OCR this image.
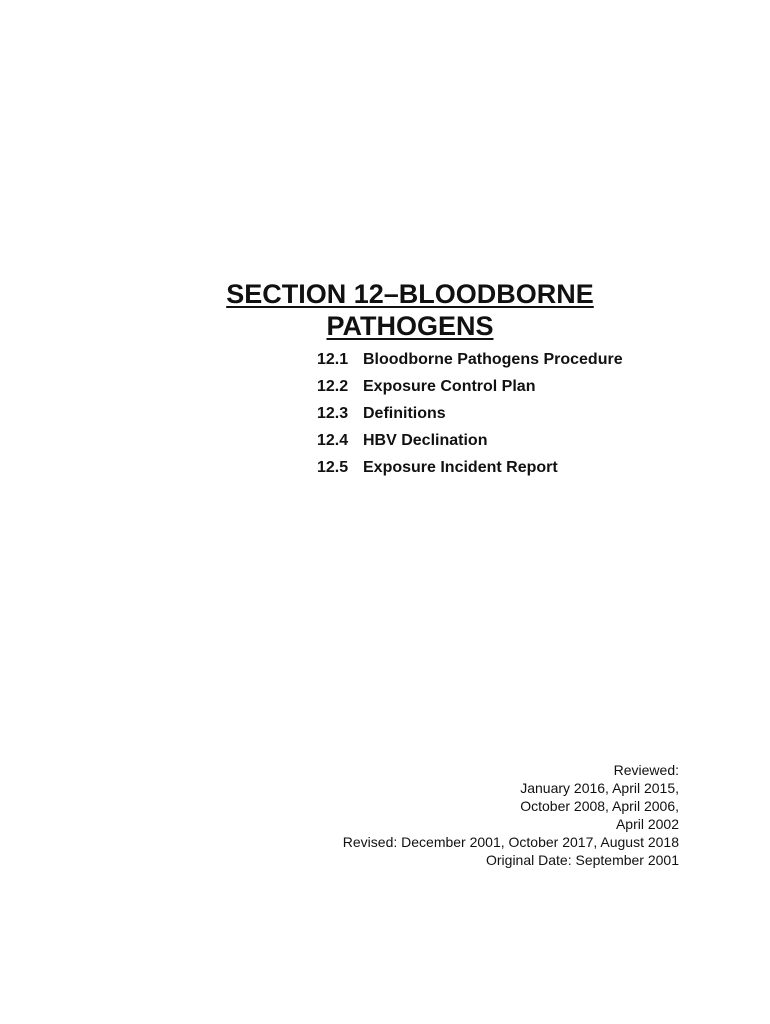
SECTION 12–BLOODBORNE
PATHOGENS
12.1 Bloodborne Pathogens Procedure
12.2 Exposure Control Plan
12.3 Definitions
12.4 HBV Declination
12.5 Exposure Incident Report
Reviewed:
January 2016, April 2015,
October 2008, April 2006,
April 2002
Revised: December 2001, October 2017, August 2018
Original Date: September 2001
